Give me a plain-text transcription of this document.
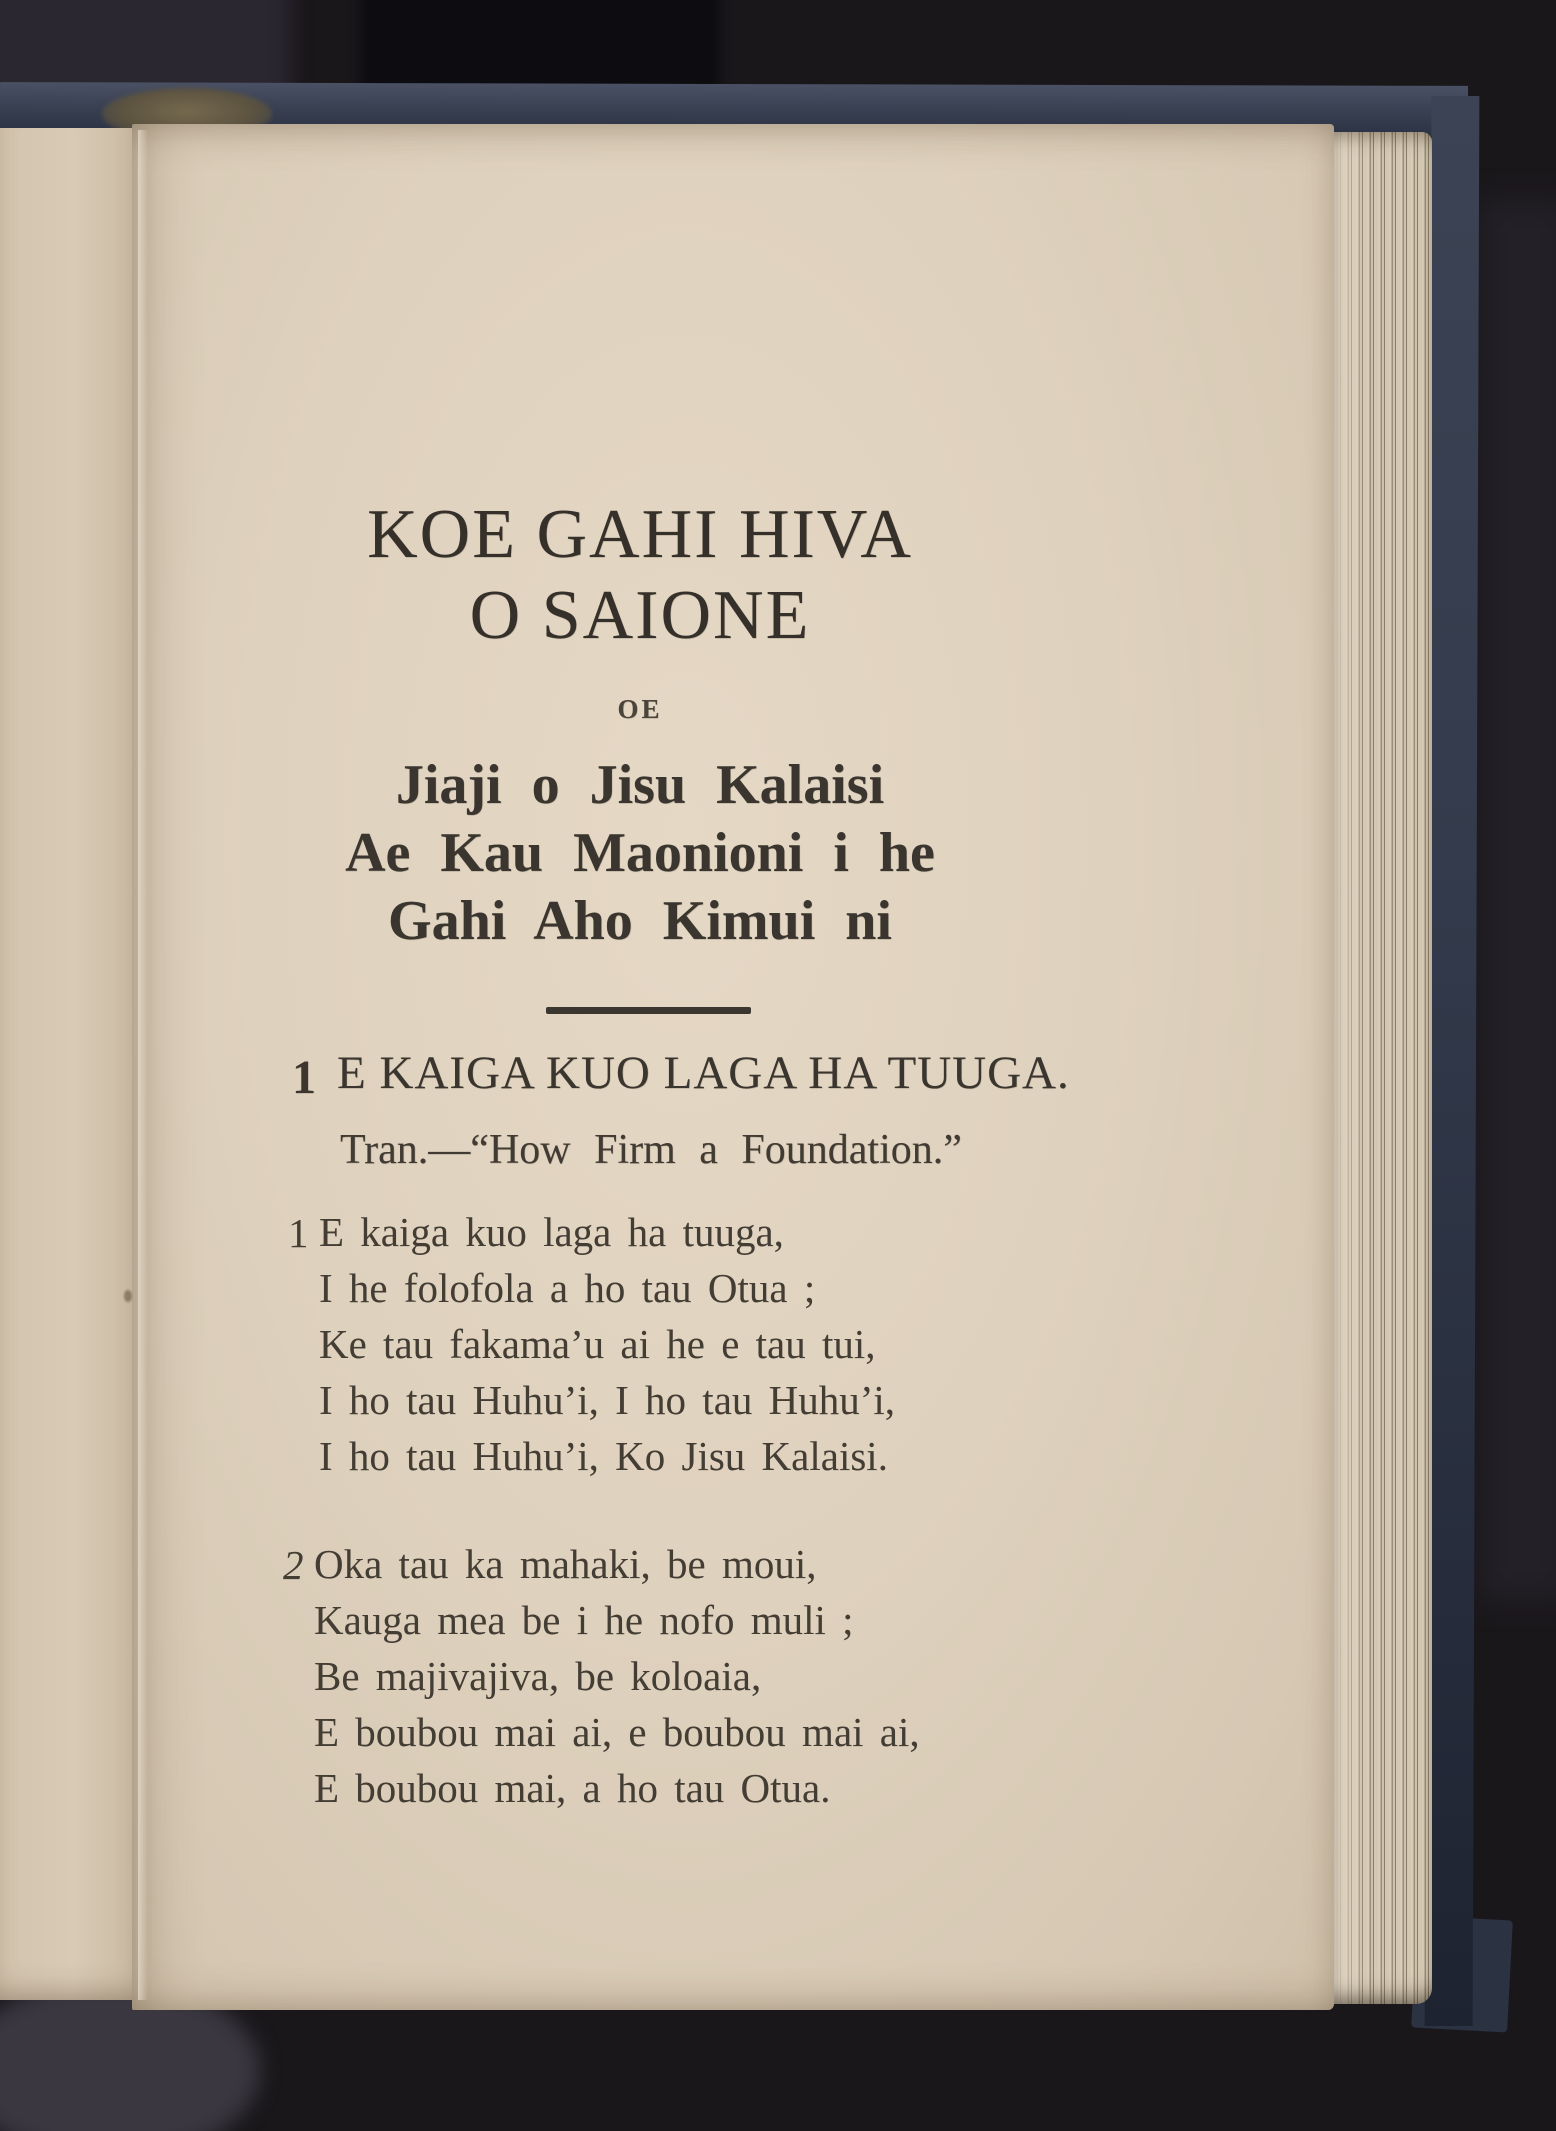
KOE GAHI HIVA
O SAIONE
OE
Jiaji o Jisu Kalaisi
Ae Kau Maonioni i he
Gahi Aho Kimui ni
1 E KAIGA KUO LAGA HA TUUGA.
Tran.—“How Firm a Foundation.”
1 E kaiga kuo laga ha tuuga,
I he folofola a ho tau Otua ;
Ke tau fakama’u ai he e tau tui,
I ho tau Huhu’i, I ho tau Huhu’i,
I ho tau Huhu’i, Ko Jisu Kalaisi.
2 Oka tau ka mahaki, be moui,
Kauga mea be i he nofo muli ;
Be majivajiva, be koloaia,
E boubou mai ai, e boubou mai ai,
E boubou mai, a ho tau Otua.
